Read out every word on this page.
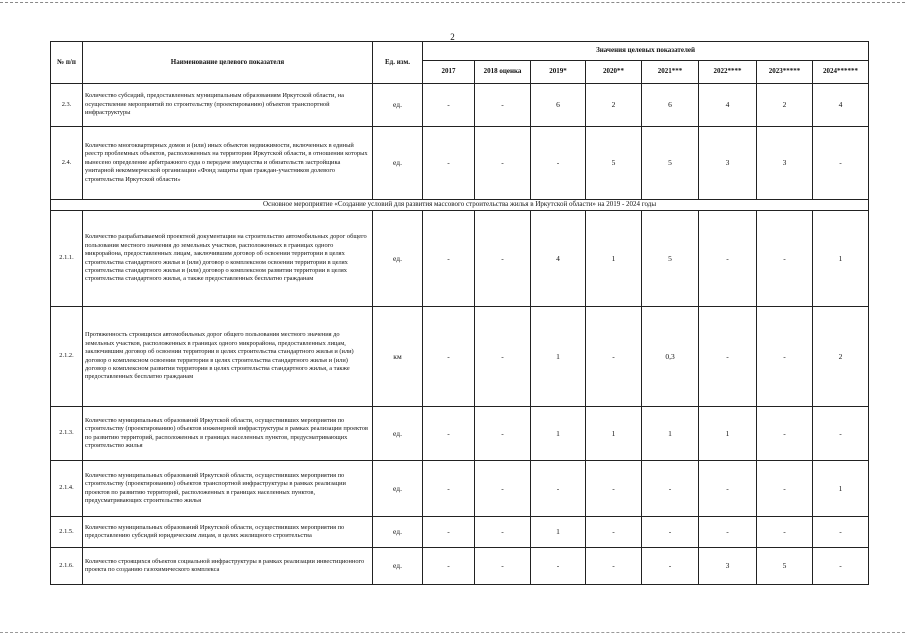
2
№ п/п	Наименование целевого показателя	Ед. изм.	Значения целевых показателей							
			2017	2018 оценка	2019*	2020**	2021***	2022****	2023*****	2024******
2.3.	Количество субсидий, предоставленных муниципальным образованиям Иркутской области, на осуществление мероприятий по строительству (проектированию) объектов транспортной инфраструктуры	ед.	-	-	6	2	6	4	2	4
2.4.	Количество многоквартирных домов и (или) иных объектов недвижимости, включенных в единый реестр проблемных объектов, расположенных на территории Иркутской области, в отношении которых вынесено определение арбитражного суда о передаче имущества и обязательств застройщика унитарной некоммерческой организации «Фонд защиты прав граждан-участников долевого строительства Иркутской области»	ед.	-	-	-	5	5	3	3	-
Основное мероприятие «Создание условий для развития массового строительства жилья в Иркутской области» на 2019 - 2024 годы										
2.1.1.	Количество разрабатываемой проектной документации на строительство автомобильных дорог общего пользования местного значения до земельных участков, расположенных в границах одного микрорайона, предоставленных лицам, заключившим договор об освоении территории в целях строительства стандартного жилья и (или) договор о комплексном освоении территории в целях строительства стандартного жилья и (или) договор о комплексном развитии территории в целях строительства стандартного жилья, а также предоставленных бесплатно гражданам	ед.	-	-	4	1	5	-	-	1
2.1.2.	Протяженность строящихся автомобильных дорог общего пользования местного значения до земельных участков, расположенных в границах одного микрорайона, предоставленных лицам, заключившим договор об освоении территории в целях строительства стандартного жилья и (или) договор о комплексном освоении территории в целях строительства стандартного жилья и (или) договор о комплексном развитии территории в целях строительства стандартного жилья, а также предоставленных бесплатно гражданам	км	-	-	1	-	0,3	-	-	2
2.1.3.	Количество муниципальных образований Иркутской области, осуществивших мероприятия по строительству (проектированию) объектов инженерной инфраструктуры в рамках реализации проектов по развитию территорий, расположенных в границах населенных пунктов, предусматривающих строительство жилья	ед.	-	-	1	1	1	1	-	-
2.1.4.	Количество муниципальных образований Иркутской области, осуществивших мероприятия по строительству (проектированию) объектов транспортной инфраструктуры в рамках реализации проектов по развитию территорий, расположенных в границах населенных пунктов, предусматривающих строительство жилья	ед.	-	-	-	-	-	-	-	1
2.1.5.	Количество муниципальных образований Иркутской области, осуществивших мероприятия по предоставлению субсидий юридическим лицам, в целях жилищного строительства	ед.	-	-	1	-	-	-	-	-
2.1.6.	Количество строящихся объектов социальной инфраструктуры в рамках реализации инвестиционного проекта по созданию газохимического комплекса	ед.	-	-	-	-	-	3	5	-
